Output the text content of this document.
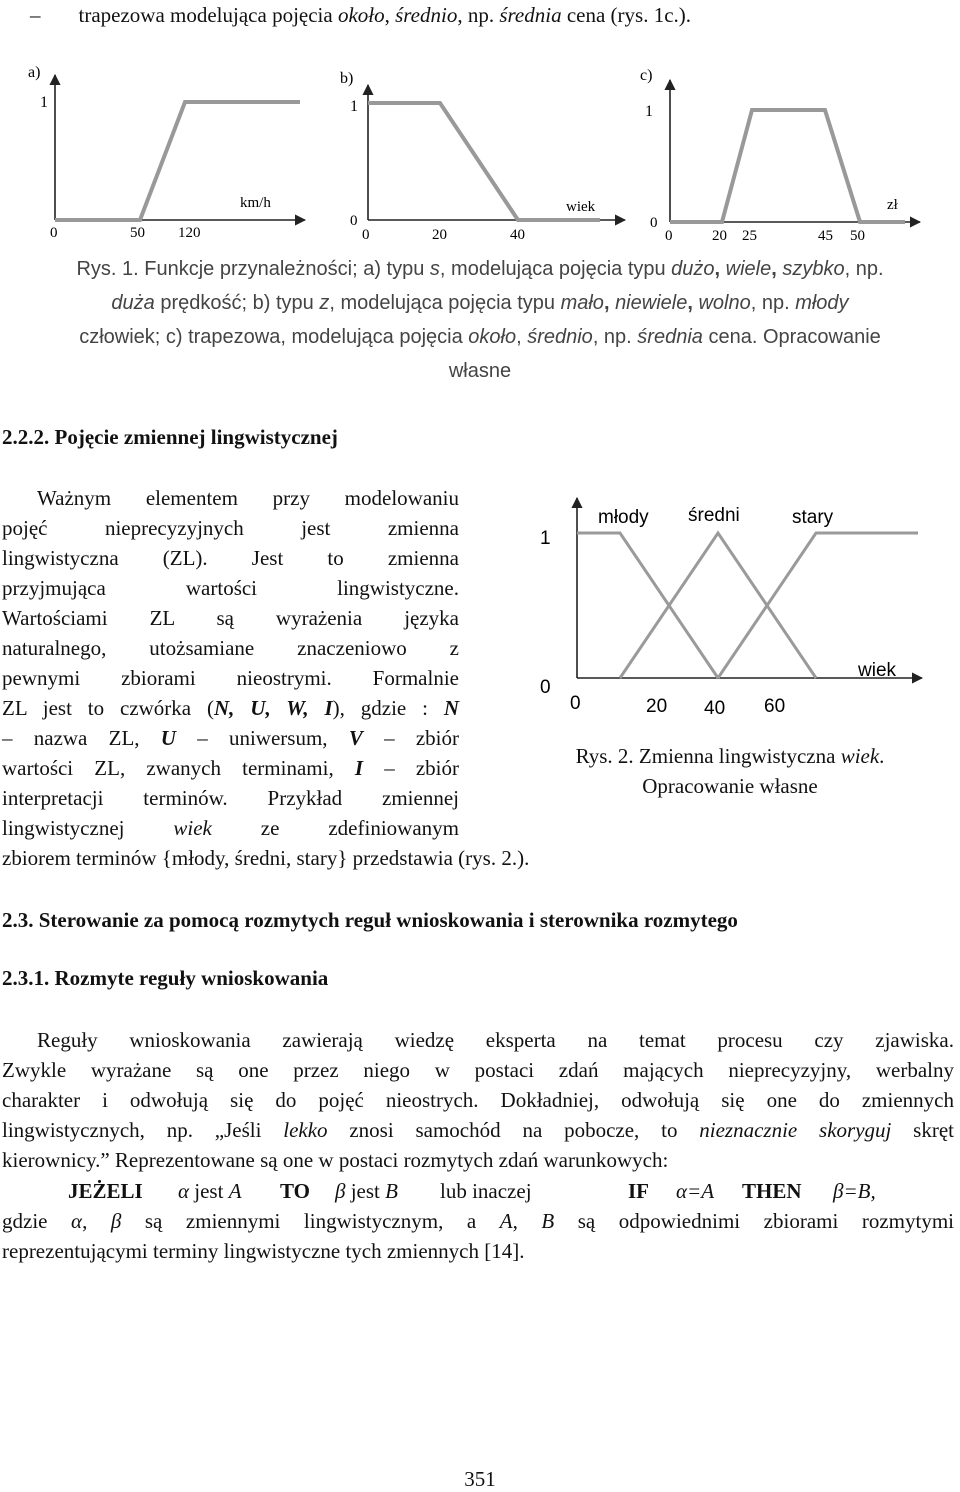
– trapezowa modelująca pojęcia około, średnio, np. średnia cena (rys. 1c.).
a)
1
0	50 120
km/h
b)
1
0
0	20	40
wiek
c)
1
0
0	20 25	45 50
zł
Rys. 1. Funkcje przynależności; a) typu s, modelująca pojęcia typu dużo, wiele, szybko, np.
duża prędkość; b) typu z, modelująca pojęcia typu mało, niewiele, wolno, np. młody
człowiek; c) trapezowa, modelująca pojęcia około, średnio, np. średnia cena. Opracowanie
własne
2.2.2. Pojęcie zmiennej lingwistycznej
Ważnym elementem przy modelowaniu
pojęć nieprecyzyjnych jest zmienna
lingwistyczna (ZL). Jest to zmienna
przyjmująca wartości lingwistyczne.
Wartościami ZL są wyrażenia języka
naturalnego, utożsamiane znaczeniowo z
pewnymi zbiorami nieostrymi. Formalnie
ZL jest to czwórka (N, U, W, I), gdzie : N
– nazwa ZL, U – uniwersum, V – zbiór
wartości ZL, zwanych terminami, I – zbiór
interpretacji terminów. Przykład zmiennej
lingwistycznej wiek ze zdefiniowanym
zbiorem terminów {młody, średni, stary} przedstawia (rys. 2.).
1
0
młody średni	stary
0	20 40 60
wiek
Rys. 2. Zmienna lingwistyczna wiek.
Opracowanie własne
2.3. Sterowanie za pomocą rozmytych reguł wnioskowania i sterownika rozmytego
2.3.1. Rozmyte reguły wnioskowania
Reguły wnioskowania zawierają wiedzę eksperta na temat procesu czy zjawiska.
Zwykle wyrażane są one przez niego w postaci zdań mających nieprecyzyjny, werbalny
charakter i odwołują się do pojęć nieostrych. Dokładniej, odwołują się one do zmiennych
lingwistycznych, np. „Jeśli lekko znosi samochód na pobocze, to nieznacznie skoryguj skręt
kierownicy.” Reprezentowane są one w postaci rozmytych zdań warunkowych:
JEŻELI α jest A TO β jest B lub inaczej	IF α=A THEN β=B,
gdzie α, β są zmiennymi lingwistycznym, a A, B są odpowiednimi zbiorami rozmytymi
reprezentującymi terminy lingwistyczne tych zmiennych [14].
351
